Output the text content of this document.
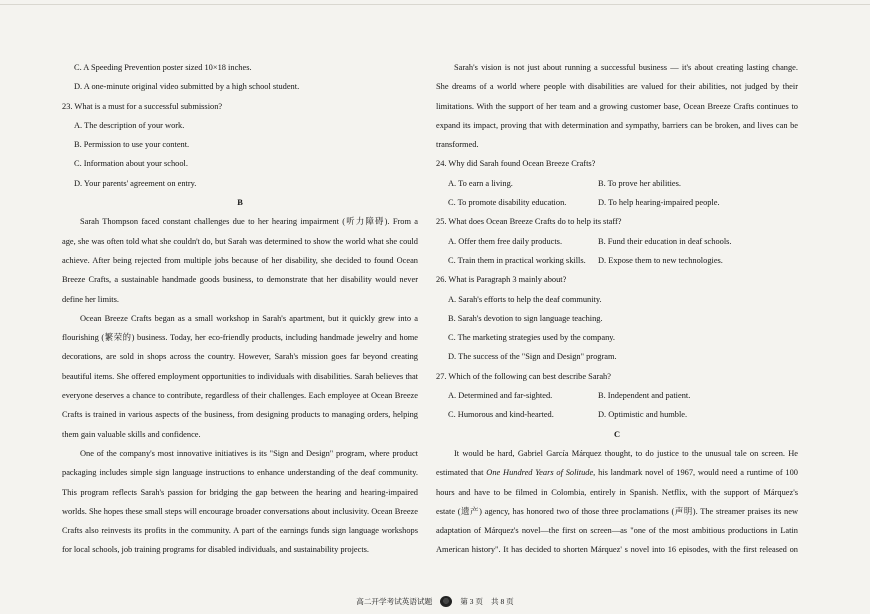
C. A Speeding Prevention poster sized 10×18 inches.
D. A one-minute original video submitted by a high school student.
23. What is a must for a successful submission?
A. The description of your work.
B. Permission to use your content.
C. Information about your school.
D. Your parents' agreement on entry.
B
Sarah Thompson faced constant challenges due to her hearing impairment (听力障碍). From a
age, she was often told what she couldn't do, but Sarah was determined to show the world what she could
achieve. After being rejected from multiple jobs because of her disability, she decided to found Ocean
Breeze Crafts, a sustainable handmade goods business, to demonstrate that her disability would never
define her limits.
Ocean Breeze Crafts began as a small workshop in Sarah's apartment, but it quickly grew into a
flourishing (繁荣的) business. Today, her eco-friendly products, including handmade jewelry and home
decorations, are sold in shops across the country. However, Sarah's mission goes far beyond creating
beautiful items. She offered employment opportunities to individuals with disabilities. Sarah believes that
everyone deserves a chance to contribute, regardless of their challenges. Each employee at Ocean Breeze
Crafts is trained in various aspects of the business, from designing products to managing orders, helping
them gain valuable skills and confidence.
One of the company's most innovative initiatives is its "Sign and Design" program, where product
packaging includes simple sign language instructions to enhance understanding of the deaf community.
This program reflects Sarah's passion for bridging the gap between the hearing and hearing-impaired
worlds. She hopes these small steps will encourage broader conversations about inclusivity. Ocean Breeze
Crafts also reinvests its profits in the community. A part of the earnings funds sign language workshops
for local schools, job training programs for disabled individuals, and sustainability projects.
Sarah's vision is not just about running a successful business — it's about creating lasting change.
She dreams of a world where people with disabilities are valued for their abilities, not judged by their
limitations. With the support of her team and a growing customer base, Ocean Breeze Crafts continues to
expand its impact, proving that with determination and sympathy, barriers can be broken, and lives can be
transformed.
24. Why did Sarah found Ocean Breeze Crafts?
A. To earn a living.	B. To prove her abilities.
C. To promote disability education.	D. To help hearing-impaired people.
25. What does Ocean Breeze Crafts do to help its staff?
A. Offer them free daily products.	B. Fund their education in deaf schools.
C. Train them in practical working skills.	D. Expose them to new technologies.
26. What is Paragraph 3 mainly about?
A. Sarah's efforts to help the deaf community.
B. Sarah's devotion to sign language teaching.
C. The marketing strategies used by the company.
D. The success of the "Sign and Design" program.
27. Which of the following can best describe Sarah?
A. Determined and far-sighted.	B. Independent and patient.
C. Humorous and kind-hearted.	D. Optimistic and humble.
C
It would be hard, Gabriel García Márquez thought, to do justice to the unusual tale on screen. He
estimated that One Hundred Years of Solitude, his landmark novel of 1967, would need a runtime of 100
hours and have to be filmed in Colombia, entirely in Spanish. Netflix, with the support of Márquez's
estate (遗产) agency, has honored two of those three proclamations (声明). The streamer praises its new
adaptation of Márquez's novel—the first on screen—as "one of the most ambitious productions in Latin
American history". It has decided to shorten Márquez' s novel into 16 episodes, with the first released on
高二开学考试英语试题	第 3 页 共 8 页
